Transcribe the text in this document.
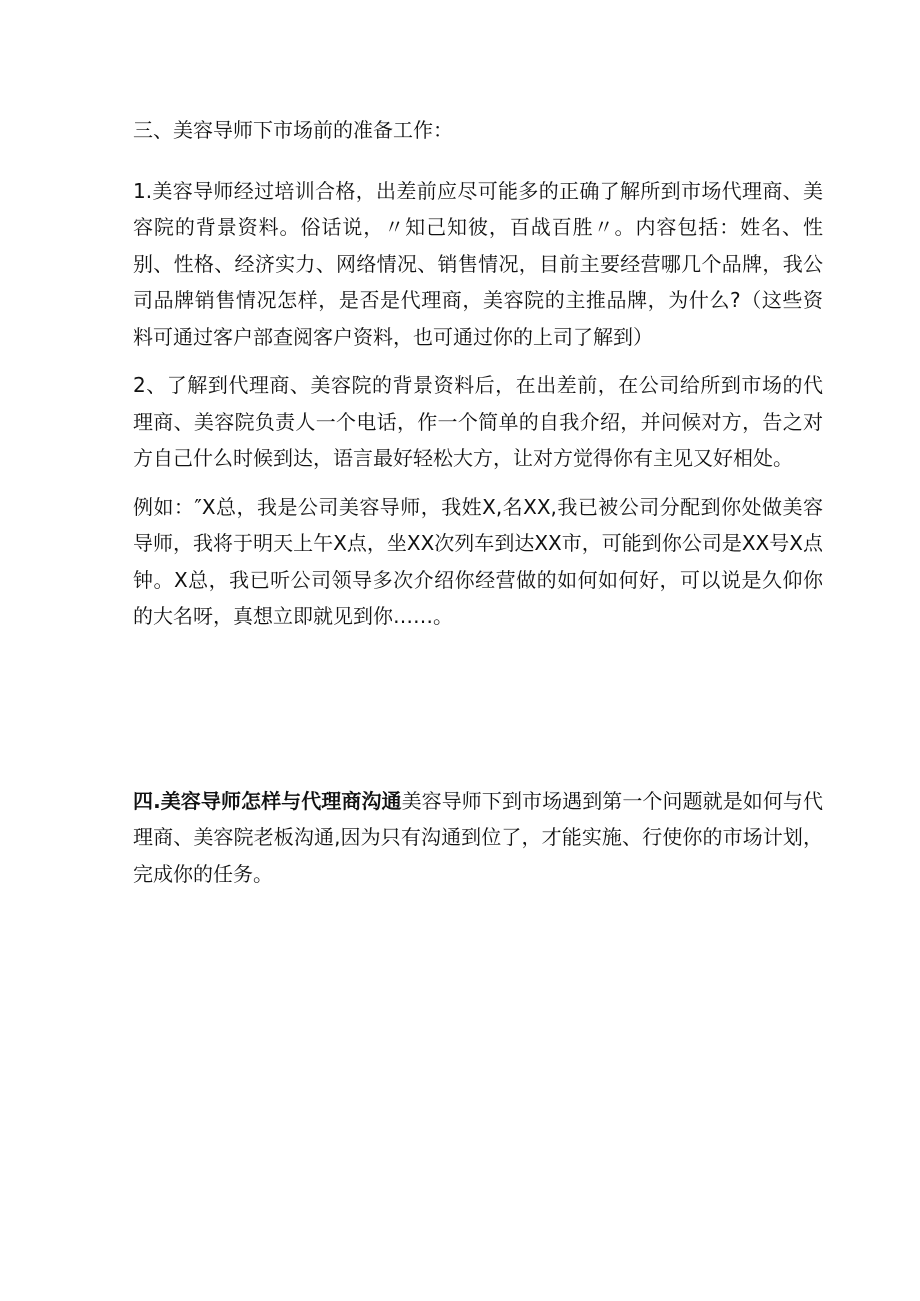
三、美容导师下市场前的准备工作：

1.美容导师经过培训合格，出差前应尽可能多的正确了解所到市场代理商、美容院的背景资料。俗话说，〃知己知彼，百战百胜〃。内容包括：姓名、性别、性格、经济实力、网络情况、销售情况，目前主要经营哪几个品牌，我公司品牌销售情况怎样，是否是代理商，美容院的主推品牌，为什么?（这些资料可通过客户部查阅客户资料，也可通过你的上司了解到）

2、了解到代理商、美容院的背景资料后，在出差前，在公司给所到市场的代理商、美容院负责人一个电话，作一个简单的自我介绍，并问候对方，告之对方自己什么时候到达，语言最好轻松大方，让对方觉得你有主见又好相处。

例如：″X总，我是公司美容导师，我姓X,名XX,我已被公司分配到你处做美容导师，我将于明天上午X点，坐XX次列车到达XX市，可能到你公司是XX号X点钟。X总，我已听公司领导多次介绍你经营做的如何如何好，可以说是久仰你的大名呀，真想立即就见到你……。

四.美容导师怎样与代理商沟通美容导师下到市场遇到第一个问题就是如何与代理商、美容院老板沟通,因为只有沟通到位了，才能实施、行使你的市场计划，完成你的任务。
